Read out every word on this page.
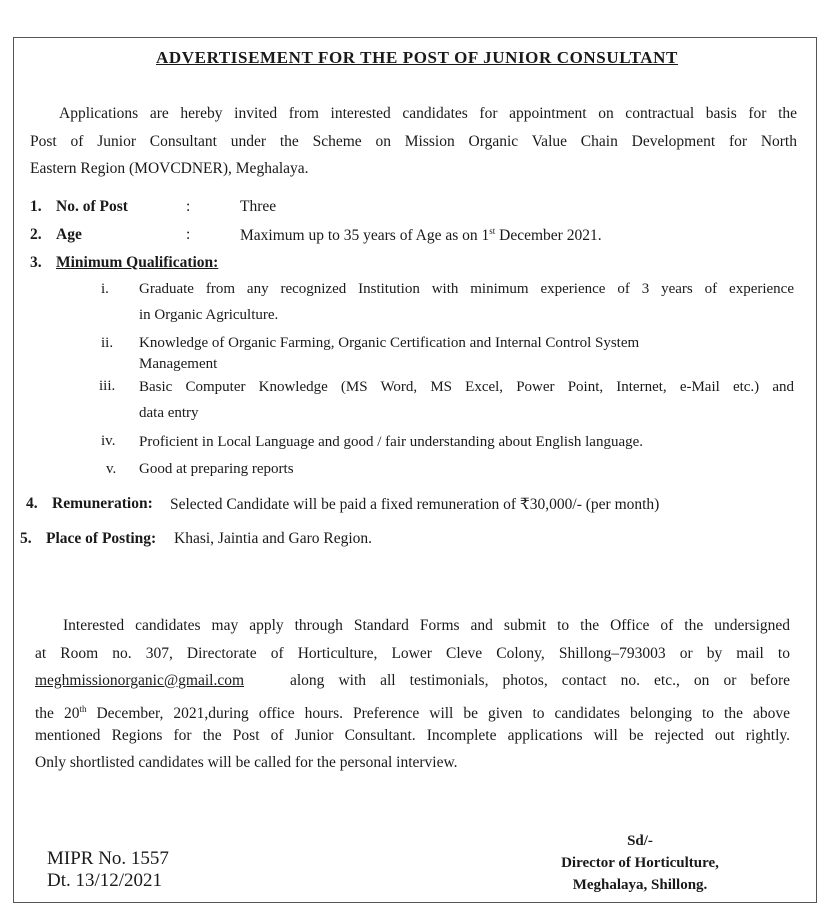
ADVERTISEMENT FOR THE POST OF JUNIOR CONSULTANT
Applications are hereby invited from interested candidates for appointment on contractual basis for the
Post of Junior Consultant under the Scheme on Mission Organic Value Chain Development for North
Eastern Region (MOVCDNER), Meghalaya.
1. No. of Post	:	Three
2. Age	:	Maximum up to 35 years of Age as on 1st December 2021.
3. Minimum Qualification:
i. Graduate from any recognized Institution with minimum experience of 3 years of experience
in Organic Agriculture.
ii. Knowledge of Organic Farming, Organic Certification and Internal Control System
Management
iii. Basic Computer Knowledge (MS Word, MS Excel, Power Point, Internet, e-Mail etc.) and
data entry
iv. Proficient in Local Language and good / fair understanding about English language.
v. Good at preparing reports
4. Remuneration: Selected Candidate will be paid a fixed remuneration of ₹30,000/- (per month)
5. Place of Posting: Khasi, Jaintia and Garo Region.
Interested candidates may apply through Standard Forms and submit to the Office of the undersigned
at Room no. 307, Directorate of Horticulture, Lower Cleve Colony, Shillong–793003 or by mail to
meghmissionorganic@gmail.com	along with all testimonials, photos, contact no. etc., on or before
the 20th December, 2021,during office hours. Preference will be given to candidates belonging to the above
mentioned Regions for the Post of Junior Consultant. Incomplete applications will be rejected out rightly.
Only shortlisted candidates will be called for the personal interview.
MIPR No. 1557
Dt. 13/12/2021
Sd/-
Director of Horticulture,
Meghalaya, Shillong.
